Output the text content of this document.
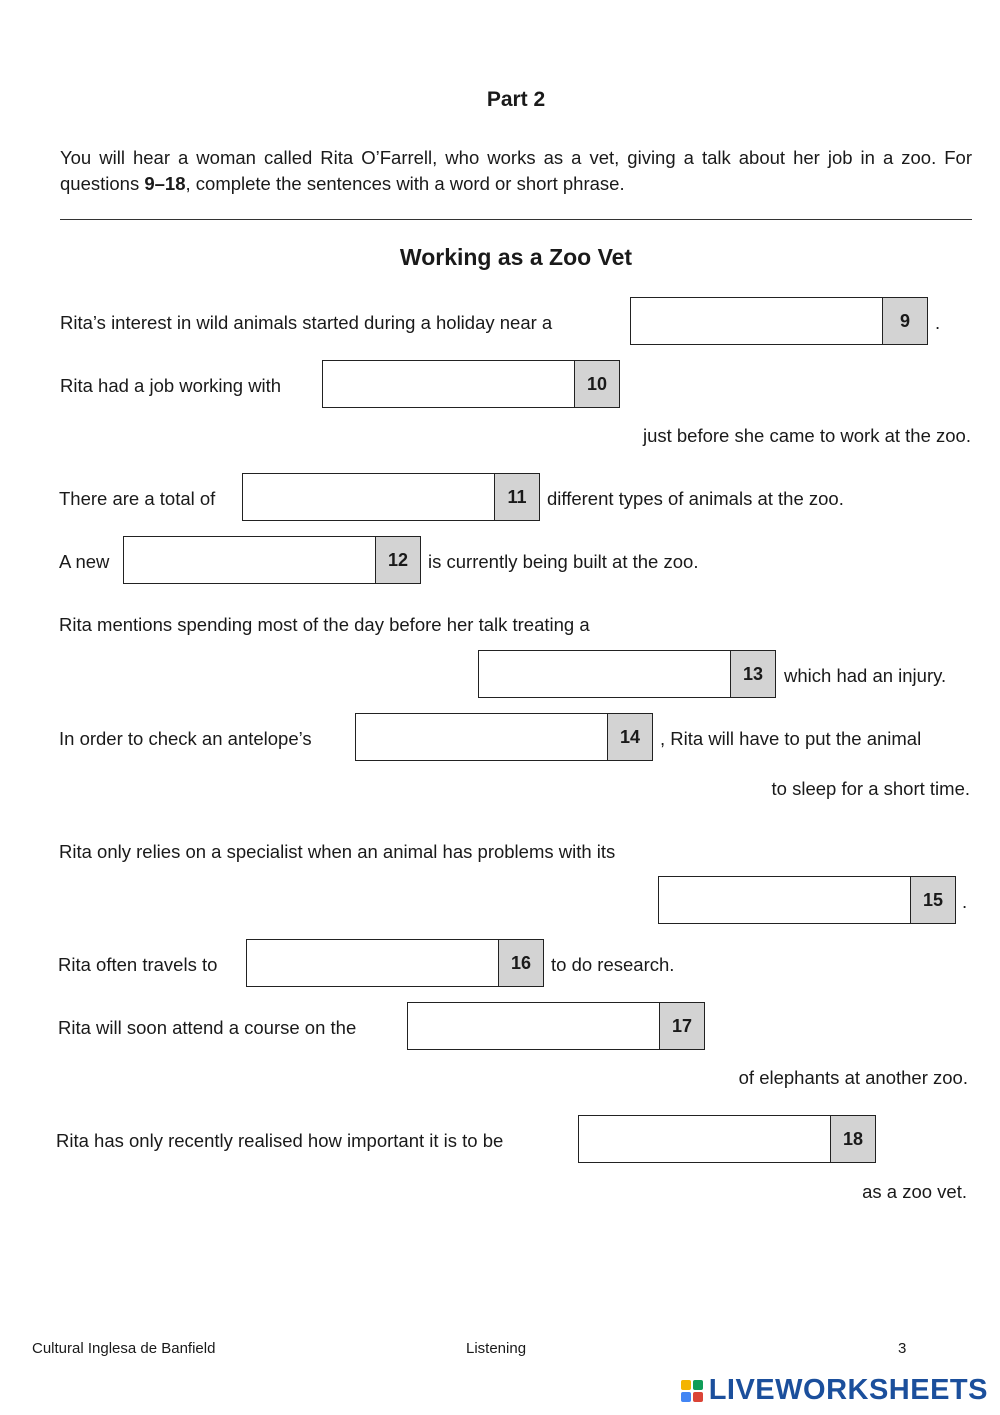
Part 2
You will hear a woman called Rita O’Farrell, who works as a vet, giving a talk about her job in a zoo. For questions 9–18, complete the sentences with a word or short phrase.
Working as a Zoo Vet
Rita’s interest in wild animals started during a holiday near a	9	.
Rita had a job working with	10
just before she came to work at the zoo.
There are a total of	11	different types of animals at the zoo.
A new	12	is currently being built at the zoo.
Rita mentions spending most of the day before her talk treating a
13	which had an injury.
In order to check an antelope’s	14	, Rita will have to put the animal
to sleep for a short time.
Rita only relies on a specialist when an animal has problems with its
15	.
Rita often travels to	16	to do research.
Rita will soon attend a course on the	17
of elephants at another zoo.
Rita has only recently realised how important it is to be	18
as a zoo vet.
Cultural Inglesa de Banfield	Listening	3
LIVEWORKSHEETS
